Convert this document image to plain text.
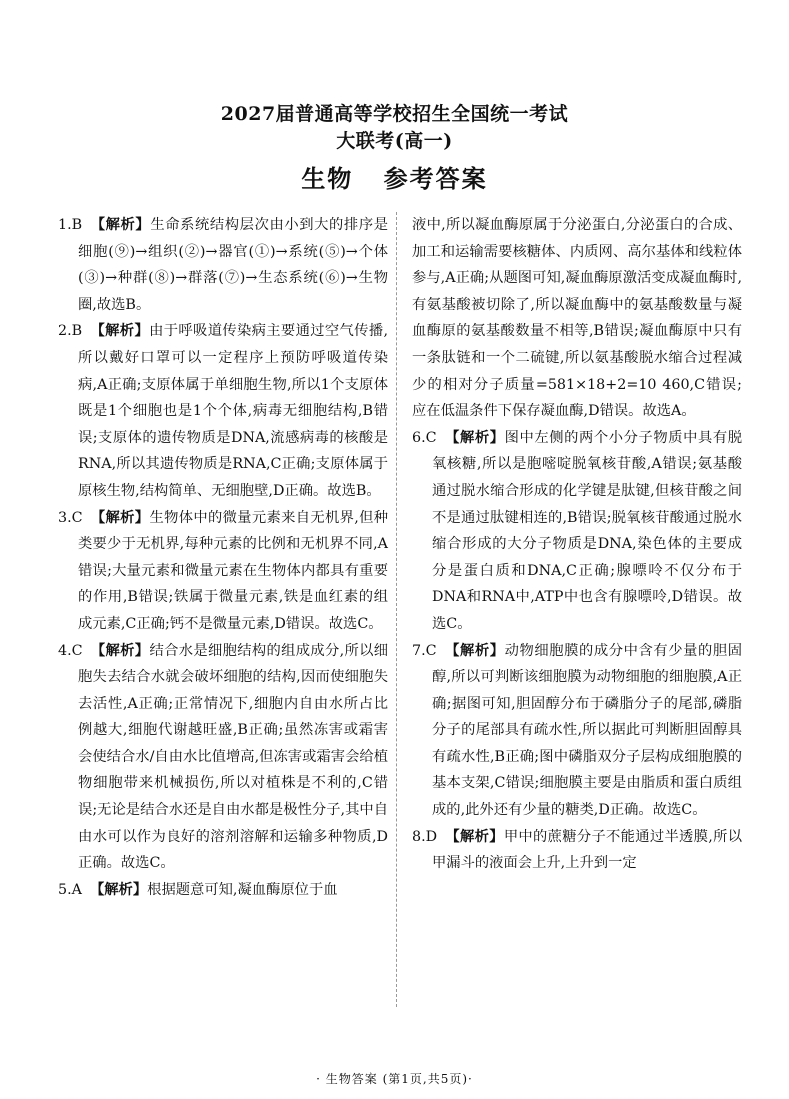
2027届普通高等学校招生全国统一考试
大联考(高一)
生物 参考答案

1.B 【解析】生命系统结构层次由小到大的排序是细胞(⑨)→组织(②)→器官(①)→系统(⑤)→个体(③)→种群(⑧)→群落(⑦)→生态系统(⑥)→生物圈,故选B。

2.B 【解析】由于呼吸道传染病主要通过空气传播,所以戴好口罩可以一定程序上预防呼吸道传染病,A正确;支原体属于单细胞生物,所以1个支原体既是1个细胞也是1个个体,病毒无细胞结构,B错误;支原体的遗传物质是DNA,流感病毒的核酸是RNA,所以其遗传物质是RNA,C正确;支原体属于原核生物,结构简单、无细胞壁,D正确。故选B。

3.C 【解析】生物体中的微量元素来自无机界,但种类要少于无机界,每种元素的比例和无机界不同,A错误;大量元素和微量元素在生物体内都具有重要的作用,B错误;铁属于微量元素,铁是血红素的组成元素,C正确;钙不是微量元素,D错误。故选C。

4.C 【解析】结合水是细胞结构的组成成分,所以细胞失去结合水就会破坏细胞的结构,因而使细胞失去活性,A正确;正常情况下,细胞内自由水所占比例越大,细胞代谢越旺盛,B正确;虽然冻害或霜害会使结合水/自由水比值增高,但冻害或霜害会给植物细胞带来机械损伤,所以对植株是不利的,C错误;无论是结合水还是自由水都是极性分子,其中自由水可以作为良好的溶剂溶解和运输多种物质,D正确。故选C。

5.A 【解析】根据题意可知,凝血酶原位于血

液中,所以凝血酶原属于分泌蛋白,分泌蛋白的合成、加工和运输需要核糖体、内质网、高尔基体和线粒体参与,A正确;从题图可知,凝血酶原激活变成凝血酶时,有氨基酸被切除了,所以凝血酶中的氨基酸数量与凝血酶原的氨基酸数量不相等,B错误;凝血酶原中只有一条肽链和一个二硫键,所以氨基酸脱水缩合过程减少的相对分子质量=581×18+2=10 460,C错误;应在低温条件下保存凝血酶,D错误。故选A。

6.C 【解析】图中左侧的两个小分子物质中具有脱氧核糖,所以是胞嘧啶脱氧核苷酸,A错误;氨基酸通过脱水缩合形成的化学键是肽键,但核苷酸之间不是通过肽键相连的,B错误;脱氧核苷酸通过脱水缩合形成的大分子物质是DNA,染色体的主要成分是蛋白质和DNA,C正确;腺嘌呤不仅分布于DNA和RNA中,ATP中也含有腺嘌呤,D错误。故选C。

7.C 【解析】动物细胞膜的成分中含有少量的胆固醇,所以可判断该细胞膜为动物细胞的细胞膜,A正确;据图可知,胆固醇分布于磷脂分子的尾部,磷脂分子的尾部具有疏水性,所以据此可判断胆固醇具有疏水性,B正确;图中磷脂双分子层构成细胞膜的基本支架,C错误;细胞膜主要是由脂质和蛋白质组成的,此外还有少量的糖类,D正确。故选C。

8.D 【解析】甲中的蔗糖分子不能通过半透膜,所以甲漏斗的液面会上升,上升到一定

· 生物答案 (第1页,共5页)·
